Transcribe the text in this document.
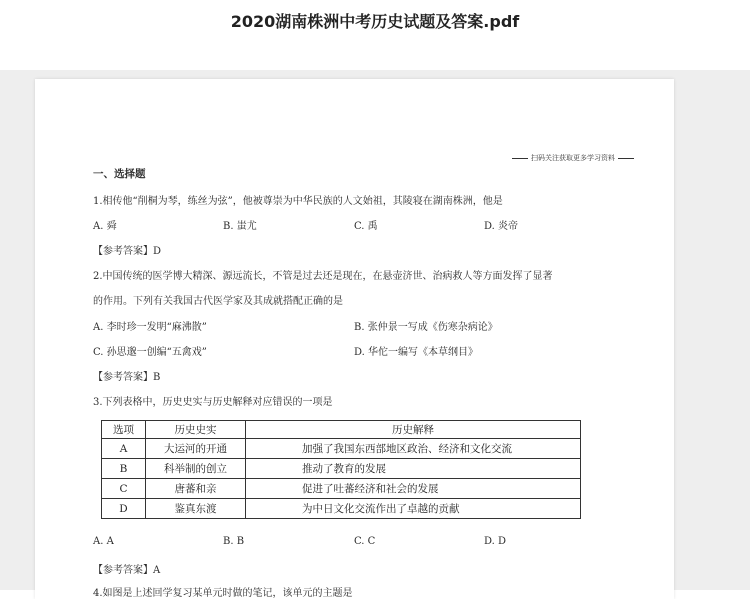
2020湖南株洲中考历史试题及答案.pdf
扫码关注获取更多学习资料
一、选择题
1.相传他“削桐为琴，练丝为弦”，他被尊崇为中华民族的人文始祖，其陵寝在湖南株洲，他是
A. 舜	B. 蚩尤	C. 禹	D. 炎帝
【参考答案】D
2.中国传统的医学博大精深、源远流长，不管是过去还是现在，在悬壶济世、治病救人等方面发挥了显著
的作用。下列有关我国古代医学家及其成就搭配正确的是
A. 李时珍一发明“麻沸散”	B. 张仲景一写成《伤寒杂病论》
C. 孙思邈一创编“五禽戏”	D. 华佗一编写《本草纲目》
【参考答案】B
3.下列表格中，历史史实与历史解释对应错误的一项是
选项	历史史实	历史解释
A	大运河的开通	加强了我国东西部地区政治、经济和文化交流
B	科举制的创立	推动了教育的发展
C	唐蕃和亲	促进了吐蕃经济和社会的发展
D	鉴真东渡	为中日文化交流作出了卓越的贡献
A. A	B. B	C. C	D. D
【参考答案】A
4.如图是上述回学复习某单元时做的笔记，该单元的主题是
